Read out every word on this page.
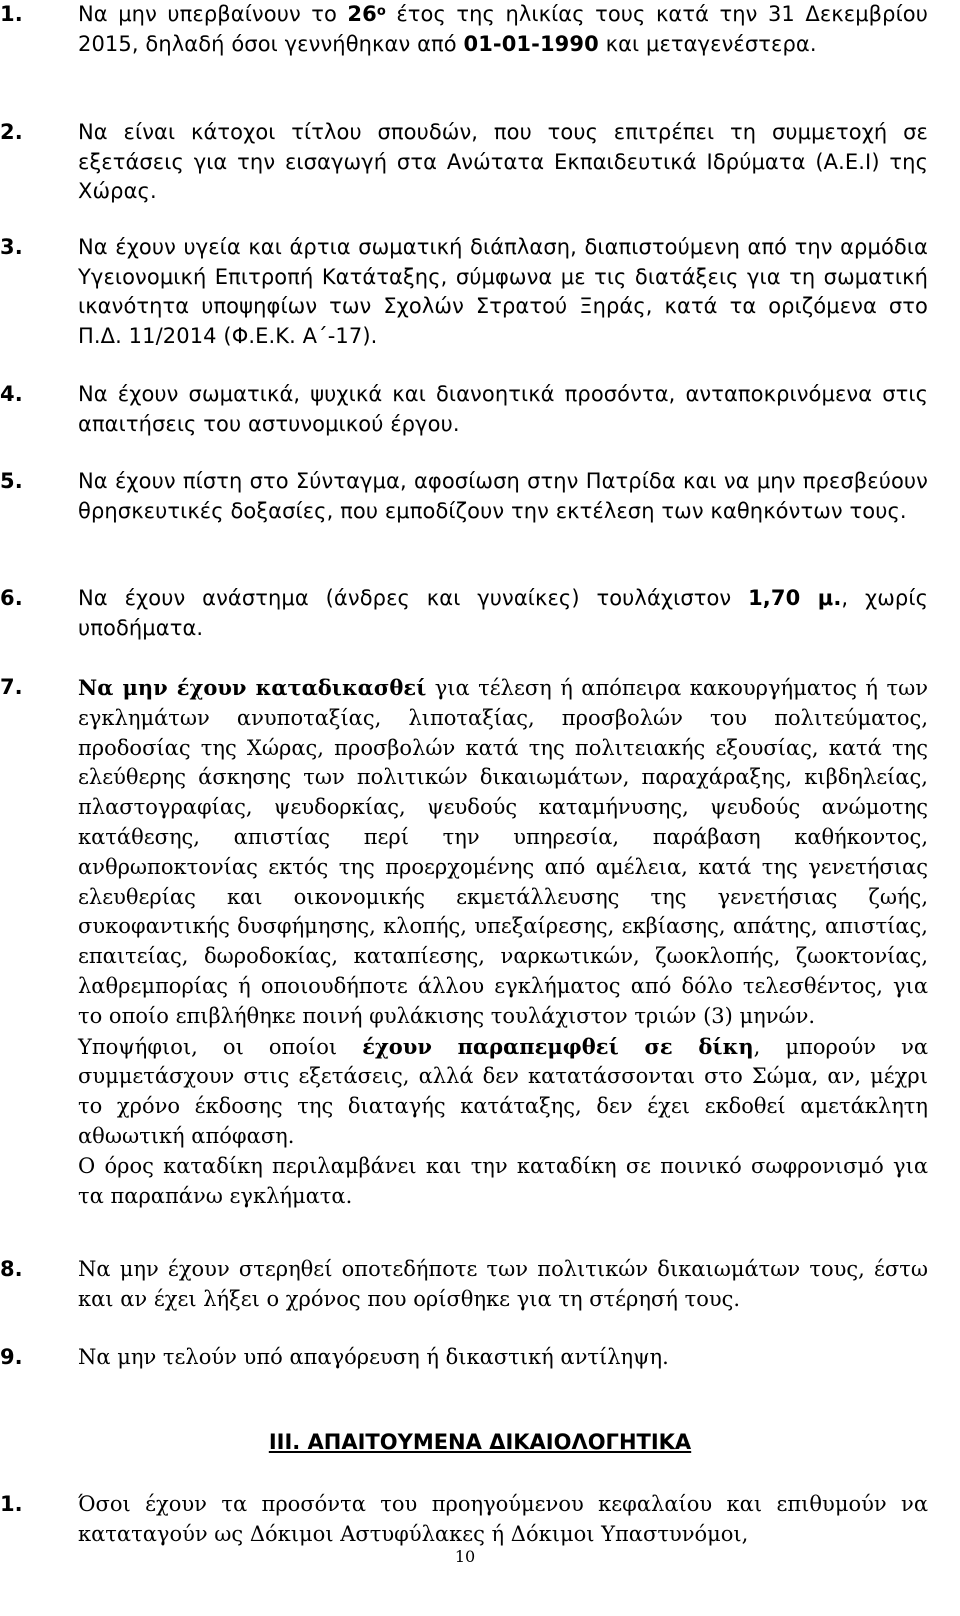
1.	Να μην υπερβαίνουν το $26^o$ έτος της ηλικίας τους κατά την 31 Δεκεμβρίου 2015, δηλαδή όσοι γεννήθηκαν από 01-01-1990 και μεταγενέστερα.
2.	Να είναι κάτοχοι τίτλου σπουδών, που τους επιτρέπει τη συμμετοχή σε εξετάσεις για την εισαγωγή στα Ανώτατα Εκπαιδευτικά Ιδρύματα (Α.Ε.Ι) της Χώρας.
3.	Να έχουν υγεία και άρτια σωματική διάπλαση, διαπιστούμενη από την αρμόδια Υγειονομική Επιτροπή Κατάταξης, σύμφωνα με τις διατάξεις για τη σωματική ικανότητα υποψηφίων των Σχολών Στρατού Ξηράς, κατά τα οριζόμενα στο Π.Δ. 11/2014 (Φ.Ε.Κ. Α΄-17).
4.	Να έχουν σωματικά, ψυχικά και διανοητικά προσόντα, ανταποκρινόμενα στις απαιτήσεις του αστυνομικού έργου.
5.	Να έχουν πίστη στο Σύνταγμα, αφοσίωση στην Πατρίδα και να μην πρεσβεύουν θρησκευτικές δοξασίες, που εμποδίζουν την εκτέλεση των καθηκόντων τους.
6.	Να έχουν ανάστημα (άνδρες και γυναίκες) τουλάχιστον 1,70 μ., χωρίς υποδήματα.
7.	Να μην έχουν καταδικασθεί για τέλεση ή απόπειρα κακουργήματος ή των εγκλημάτων ανυποταξίας, λιποταξίας, προσβολών του πολιτεύματος, προδοσίας της Χώρας, προσβολών κατά της πολιτειακής εξουσίας, κατά της ελεύθερης άσκησης των πολιτικών δικαιωμάτων, παραχάραξης, κιβδηλείας, πλαστογραφίας, ψευδορκίας, ψευδούς καταμήνυσης, ψευδούς ανώμοτης κατάθεσης, απιστίας περί την υπηρεσία, παράβαση καθήκοντος, ανθρωποκτονίας εκτός της προερχομένης από αμέλεια, κατά της γενετήσιας ελευθερίας και οικονομικής εκμετάλλευσης της γενετήσιας ζωής, συκοφαντικής δυσφήμησης, κλοπής, υπεξαίρεσης, εκβίασης, απάτης, απιστίας, επαιτείας, δωροδοκίας, καταπίεσης, ναρκωτικών, ζωοκλοπής, ζωοκτονίας, λαθρεμπορίας ή οποιουδήποτε άλλου εγκλήματος από δόλο τελεσθέντος, για το οποίο επιβλήθηκε ποινή φυλάκισης τουλάχιστον τριών (3) μηνών.

Υποψήφιοι, οι οποίοι έχουν παραπεμφθεί σε δίκη, μπορούν να συμμετάσχουν στις εξετάσεις, αλλά δεν κατατάσσονται στο Σώμα, αν, μέχρι το χρόνο έκδοσης της διαταγής κατάταξης, δεν έχει εκδοθεί αμετάκλητη αθωωτική απόφαση.

Ο όρος καταδίκη περιλαμβάνει και την καταδίκη σε ποινικό σωφρονισμό για τα παραπάνω εγκλήματα.

8.	Να μην έχουν στερηθεί οποτεδήποτε των πολιτικών δικαιωμάτων τους, έστω και αν έχει λήξει ο χρόνος που ορίσθηκε για τη στέρησή τους.
9.	Να μην τελούν υπό απαγόρευση ή δικαστική αντίληψη.
III. ΑΠΑΙΤΟΥΜΕΝΑ ΔΙΚΑΙΟΛΟΓΗΤΙΚΑ
1.	Όσοι έχουν τα προσόντα του προηγούμενου κεφαλαίου και επιθυμούν να καταταγούν ως Δόκιμοι Αστυφύλακες ή Δόκιμοι Υπαστυνόμοι,
10
